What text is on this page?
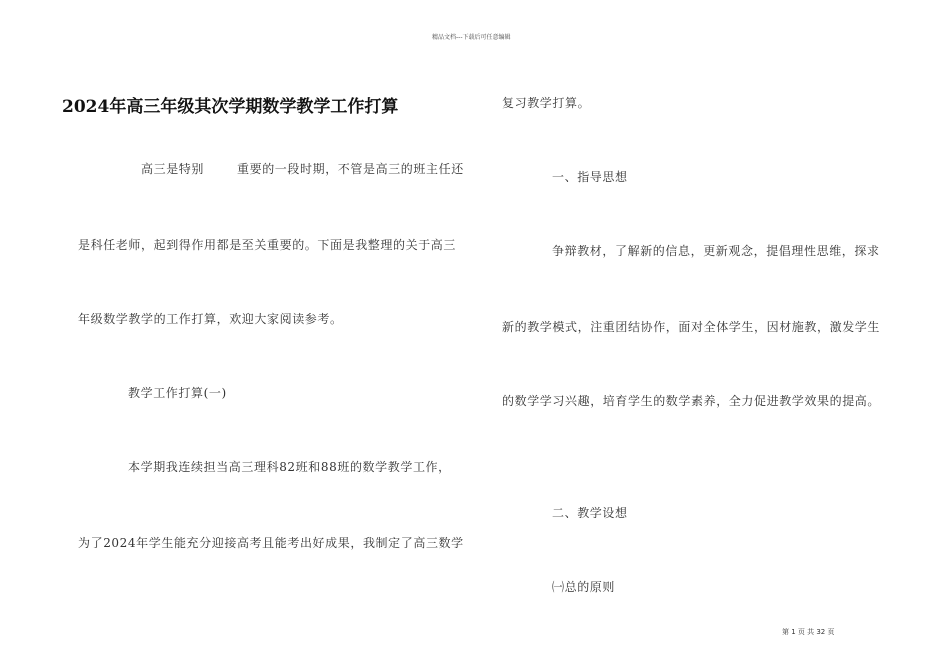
精品文档---下载后可任意编辑
2024年高三年级其次学期数学教学工作打算
高三是特别	重要的一段时期，不管是高三的班主任还
是科任老师，起到得作用都是至关重要的。下面是我整理的关于高三
年级数学教学的工作打算，欢迎大家阅读参考。
教学工作打算(一)
本学期我连续担当高三理科82班和88班的数学教学工作，
为了2024年学生能充分迎接高考且能考出好成果，我制定了高三数学
复习教学打算。
一、指导思想
争辩教材，了解新的信息，更新观念，提倡理性思维，探求
新的教学模式，注重团结协作，面对全体学生，因材施教，激发学生
的数学学习兴趣，培育学生的数学素养，全力促进教学效果的提高。
二、教学设想
㈠总的原则
第 1 页 共 32 页
